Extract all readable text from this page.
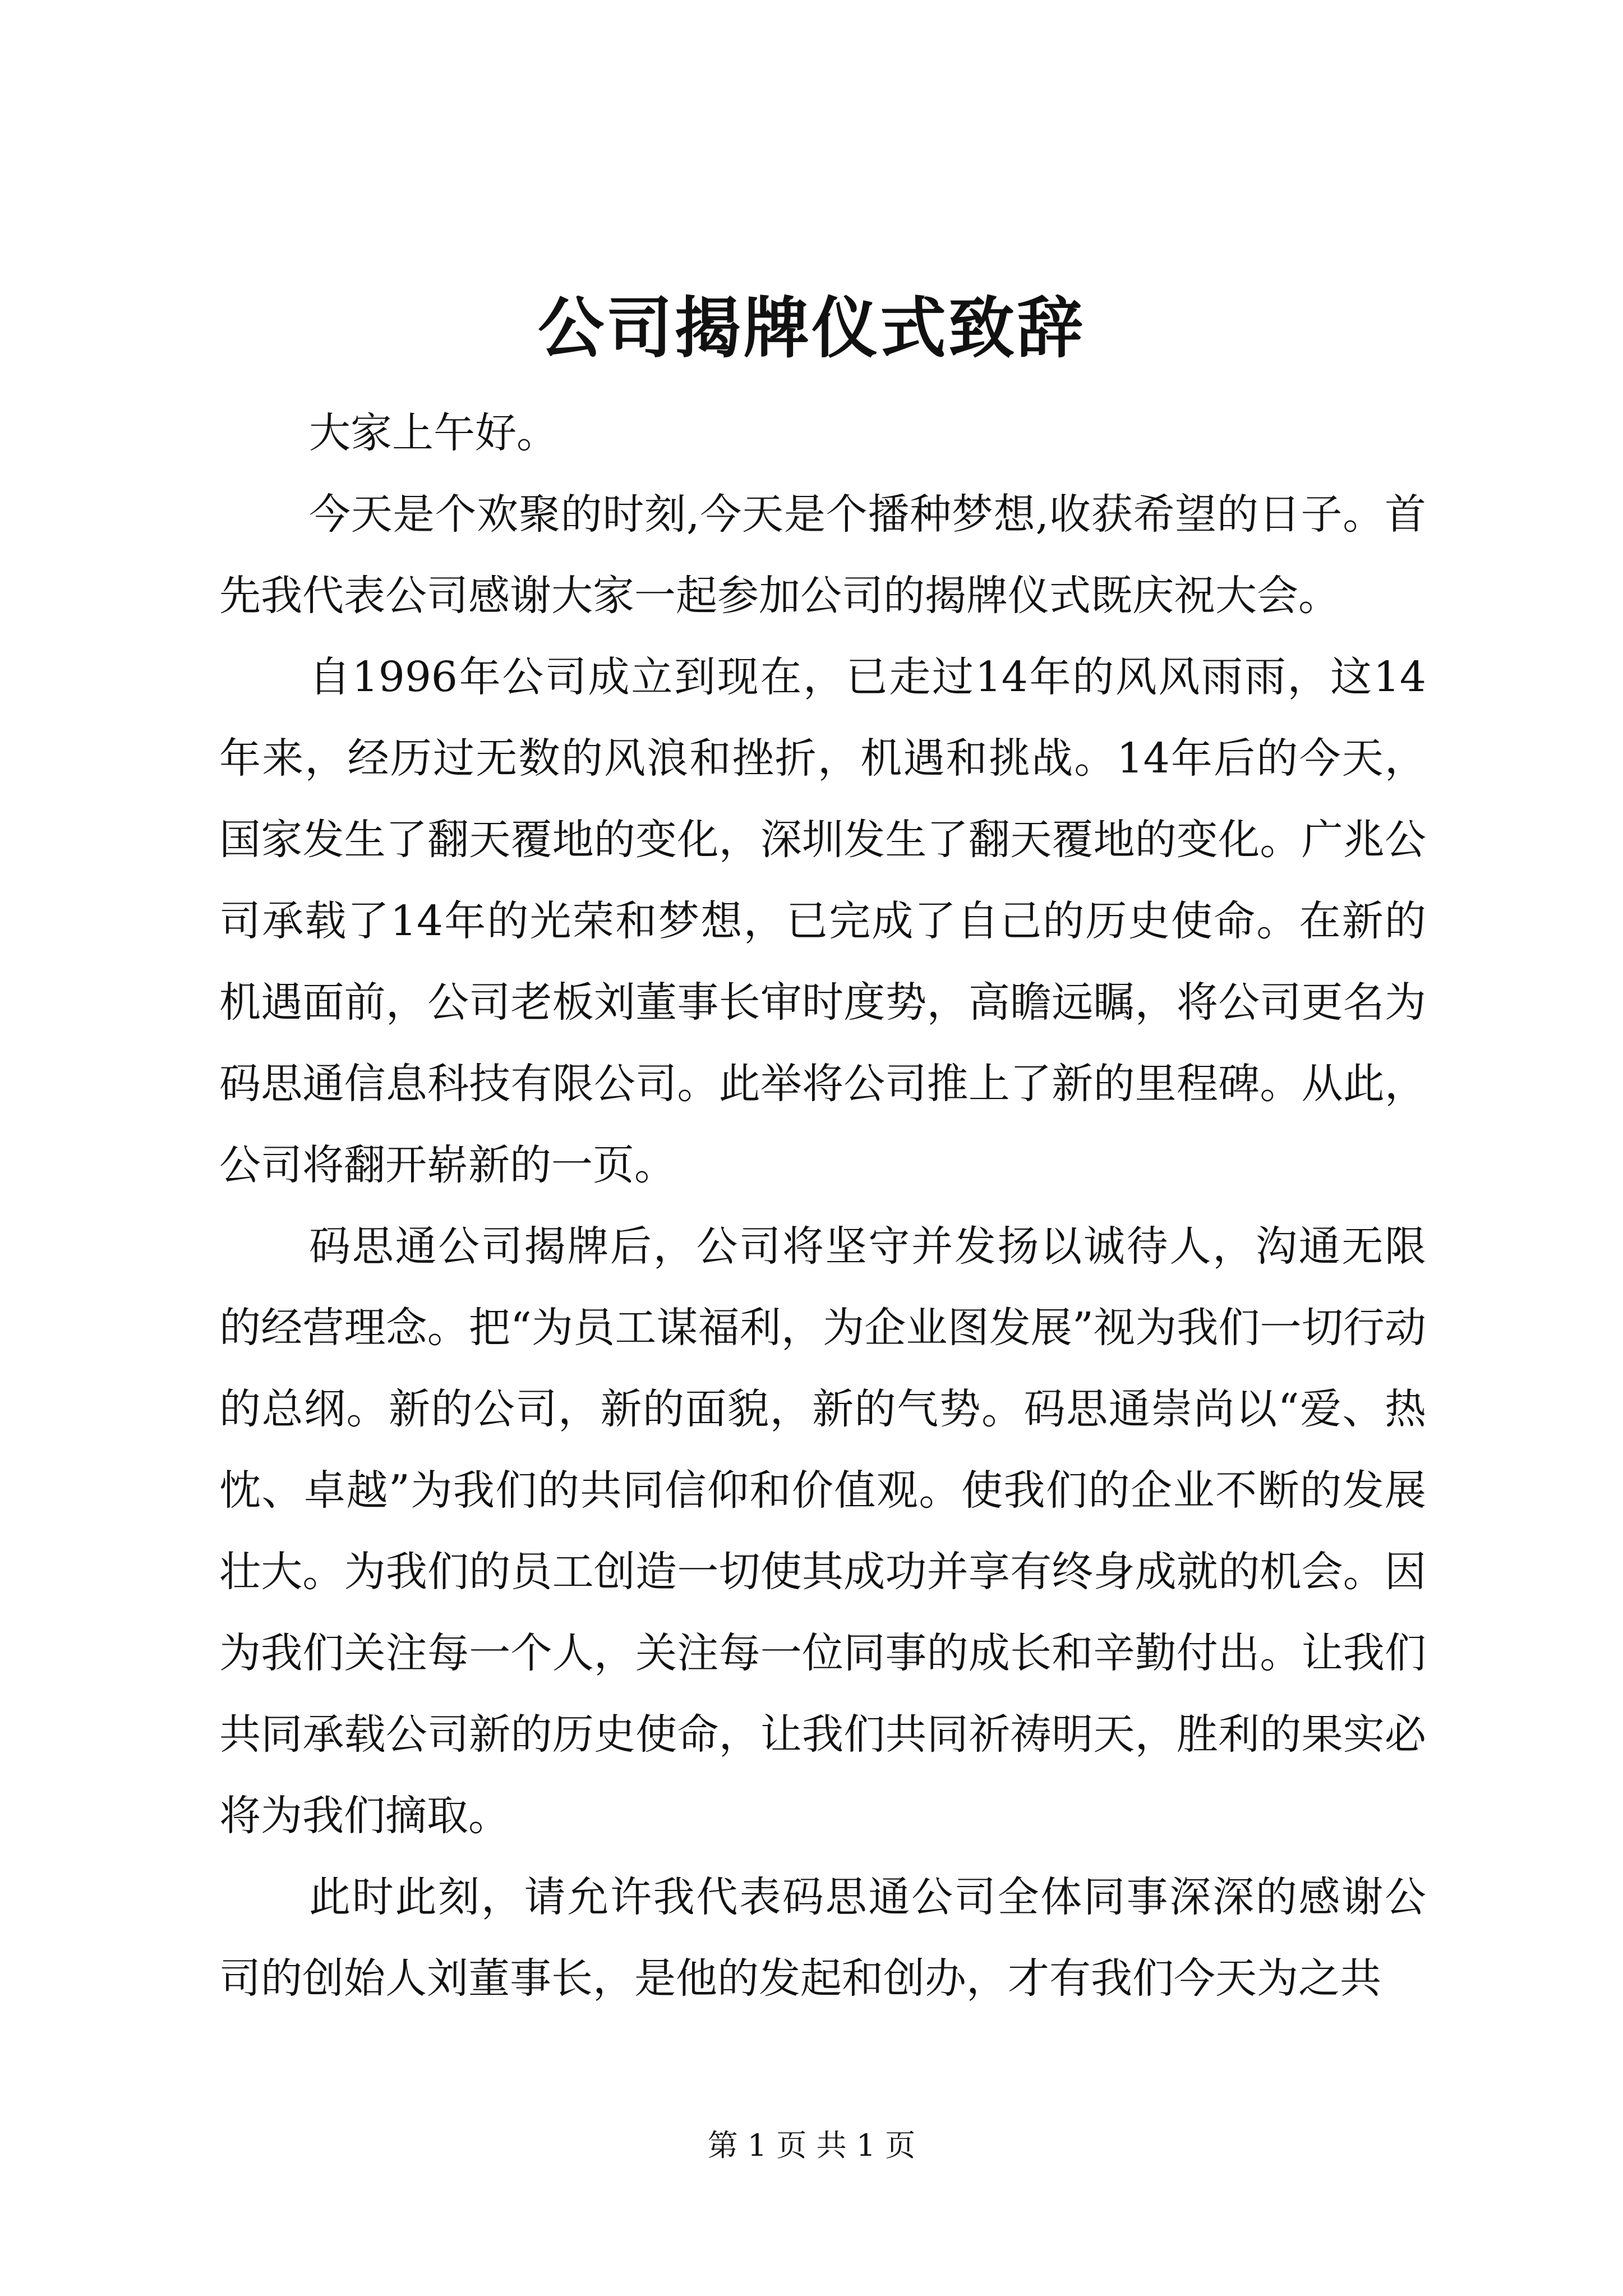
公司揭牌仪式致辞

大家上午好。

今天是个欢聚的时刻,今天是个播种梦想,收获希望的日子。首先我代表公司感谢大家一起参加公司的揭牌仪式既庆祝大会。

自1996年公司成立到现在，已走过14年的风风雨雨，这14年来，经历过无数的风浪和挫折，机遇和挑战。14年后的今天，国家发生了翻天覆地的变化，深圳发生了翻天覆地的变化。广兆公司承载了14年的光荣和梦想，已完成了自己的历史使命。在新的机遇面前，公司老板刘董事长审时度势，高瞻远瞩，将公司更名为码思通信息科技有限公司。此举将公司推上了新的里程碑。从此，公司将翻开崭新的一页。

码思通公司揭牌后，公司将坚守并发扬以诚待人，沟通无限的经营理念。把“为员工谋福利，为企业图发展”视为我们一切行动的总纲。新的公司，新的面貌，新的气势。码思通崇尚以“爱、热忱、卓越”为我们的共同信仰和价值观。使我们的企业不断的发展壮大。为我们的员工创造一切使其成功并享有终身成就的机会。因为我们关注每一个人，关注每一位同事的成长和辛勤付出。让我们共同承载公司新的历史使命，让我们共同祈祷明天，胜利的果实必将为我们摘取。

此时此刻，请允许我代表码思通公司全体同事深深的感谢公司的创始人刘董事长，是他的发起和创办，才有我们今天为之共

第 1 页 共 1 页
